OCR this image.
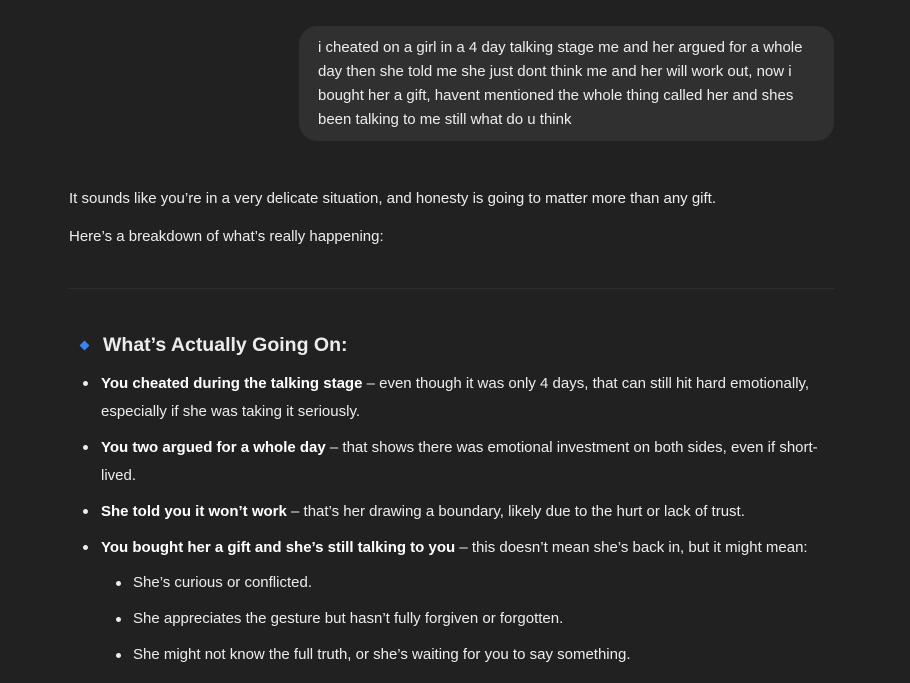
i cheated on a girl in a 4 day talking stage me and her argued for a whole day then she told me she just dont think me and her will work out, now i bought her a gift, havent mentioned the whole thing called her and shes been talking to me still what do u think

It sounds like you’re in a very delicate situation, and honesty is going to matter more than any gift.

Here’s a breakdown of what’s really happening:

What’s Actually Going On:
You cheated during the talking stage – even though it was only 4 days, that can still hit hard emotionally, especially if she was taking it seriously.
You two argued for a whole day – that shows there was emotional investment on both sides, even if short-lived.
She told you it won’t work – that’s her drawing a boundary, likely due to the hurt or lack of trust.
You bought her a gift and she’s still talking to you – this doesn’t mean she’s back in, but it might mean:
She’s curious or conflicted.
She appreciates the gesture but hasn’t fully forgiven or forgotten.
She might not know the full truth, or she’s waiting for you to say something.
